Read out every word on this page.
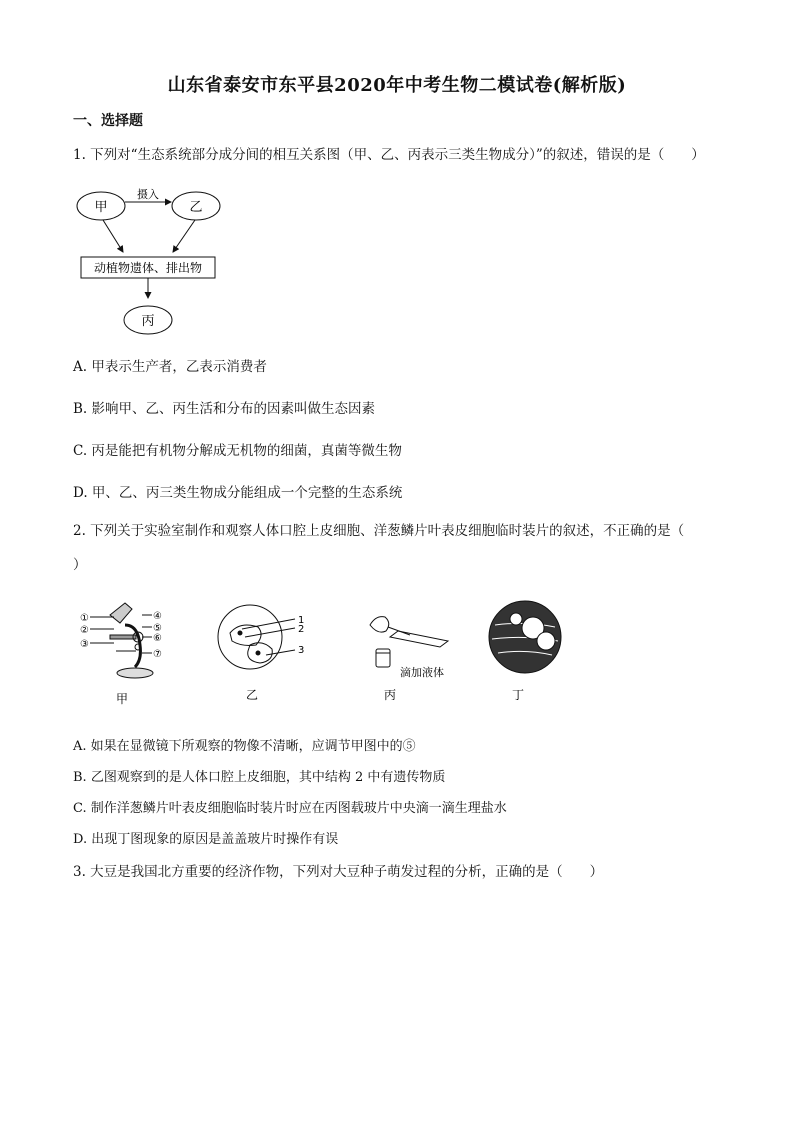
山东省泰安市东平县2020年中考生物二模试卷(解析版)
一、选择题
1. 下列对“生态系统部分成分间的相互关系图（甲、乙、丙表示三类生物成分）”的叙述，错误的是（　　）
甲	乙
摄入
动植物遗体、排出物
丙
A. 甲表示生产者，乙表示消费者
B. 影响甲、乙、丙生活和分布的因素叫做生态因素
C. 丙是能把有机物分解成无机物的细菌，真菌等微生物
D. 甲、乙、丙三类生物成分能组成一个完整的生态系统
2. 下列关于实验室制作和观察人体口腔上皮细胞、洋葱鳞片叶表皮细胞临时装片的叙述，不正确的是（
）
①
②
③
④
⑤
⑥
⑦
甲
1
2
3
乙
滴加液体
丙	丁
A. 如果在显微镜下所观察的物像不清晰，应调节甲图中的⑤
B. 乙图观察到的是人体口腔上皮细胞，其中结构 2 中有遗传物质
C. 制作洋葱鳞片叶表皮细胞临时装片时应在丙图载玻片中央滴一滴生理盐水
D. 出现丁图现象的原因是盖盖玻片时操作有误
3. 大豆是我国北方重要的经济作物，下列对大豆种子萌发过程的分析，正确的是（　　）
